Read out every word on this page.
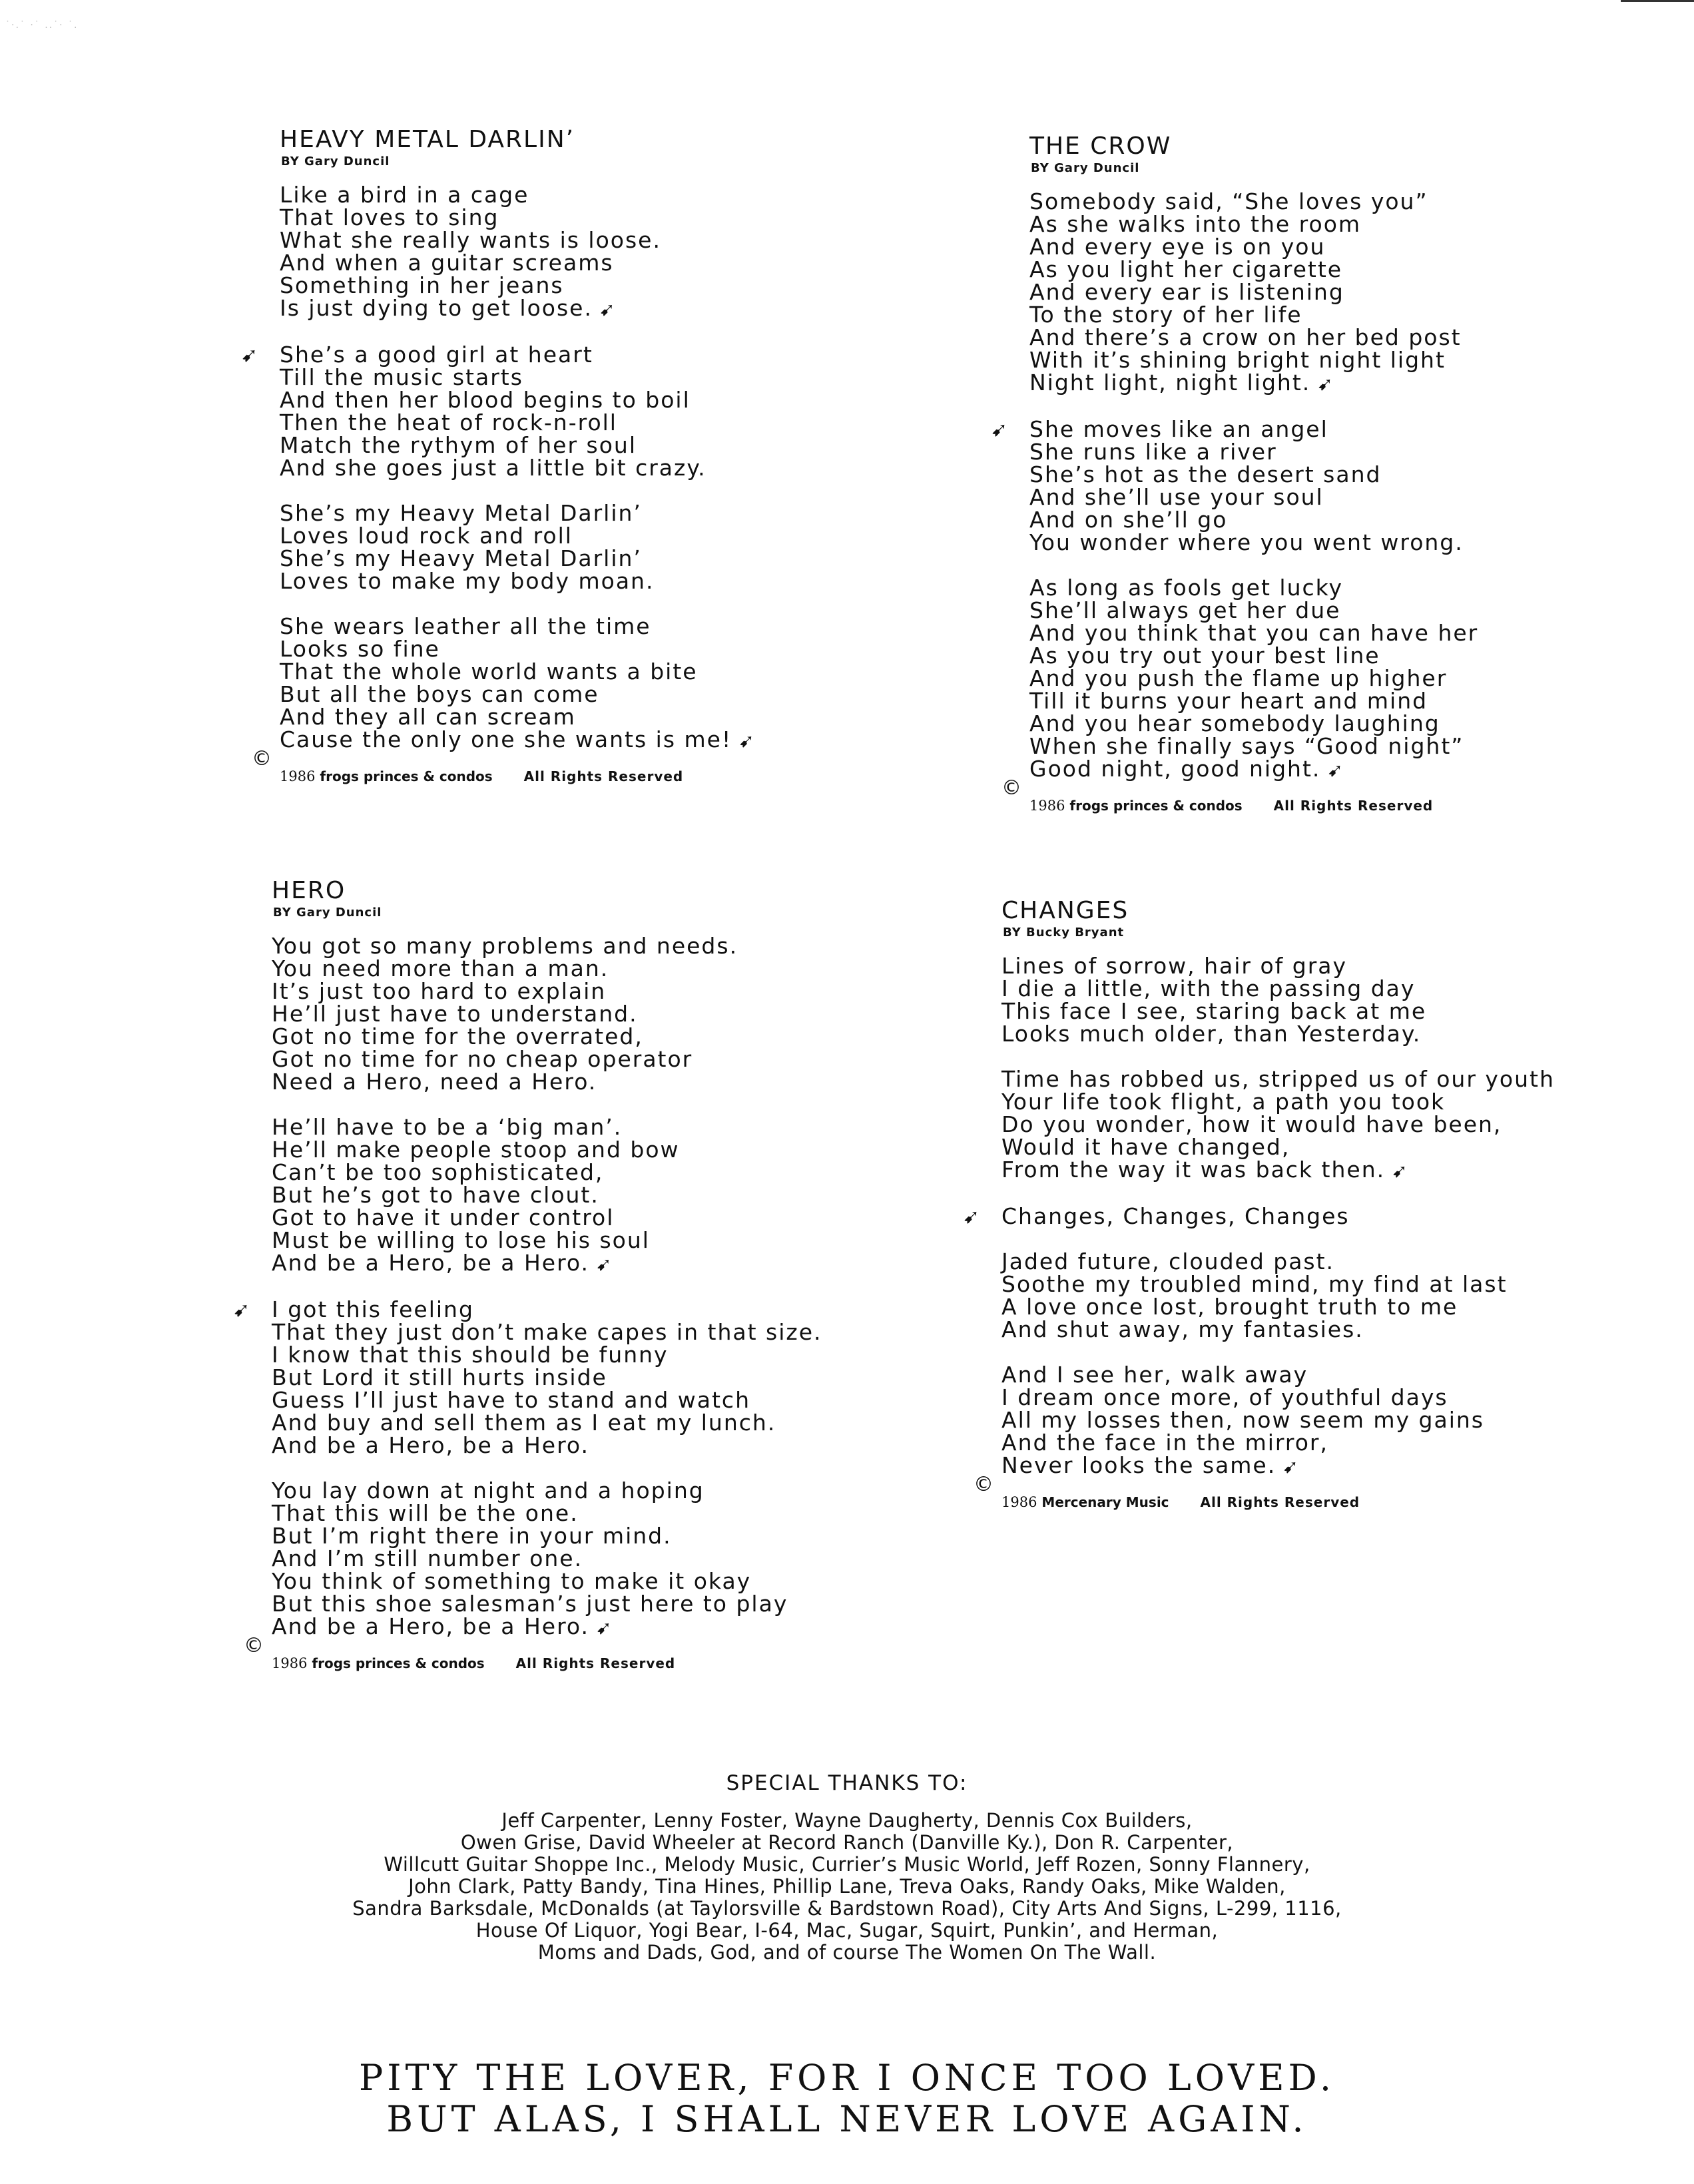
˙·.˙ ·˙ ..˙· ˙.
HEAVY METAL DARLIN’
BY Gary Duncil
Like a bird in a cage
That loves to sing
What she really wants is loose.
And when a guitar screams
Something in her jeans
Is just dying to get loose. ➹
➹ She’s a good girl at heart
Till the music starts
And then her blood begins to boil
Then the heat of rock-n-roll
Match the rythym of her soul
And she goes just a little bit crazy.
She’s my Heavy Metal Darlin’
Loves loud rock and roll
She’s my Heavy Metal Darlin’
Loves to make my body moan.
She wears leather all the time
Looks so fine
That the whole world wants a bite
But all the boys can come
And they all can scream
Cause the only one she wants is me! ➹
©
1986 frogs princes & condos All Rights Reserved
THE CROW
BY Gary Duncil
Somebody said, “She loves you”
As she walks into the room
And every eye is on you
As you light her cigarette
And every ear is listening
To the story of her life
And there’s a crow on her bed post
With it’s shining bright night light
Night light, night light. ➹
➹ She moves like an angel
She runs like a river
She’s hot as the desert sand
And she’ll use your soul
And on she’ll go
You wonder where you went wrong.
As long as fools get lucky
She’ll always get her due
And you think that you can have her
As you try out your best line
And you push the flame up higher
Till it burns your heart and mind
And you hear somebody laughing
When she finally says “Good night”
Good night, good night. ➹
©
1986 frogs princes & condos All Rights Reserved
HERO
BY Gary Duncil
You got so many problems and needs.
You need more than a man.
It’s just too hard to explain
He’ll just have to understand.
Got no time for the overrated,
Got no time for no cheap operator
Need a Hero, need a Hero.
He’ll have to be a ‘big man’.
He’ll make people stoop and bow
Can’t be too sophisticated,
But he’s got to have clout.
Got to have it under control
Must be willing to lose his soul
And be a Hero, be a Hero. ➹
➹ I got this feeling
That they just don’t make capes in that size.
I know that this should be funny
But Lord it still hurts inside
Guess I’ll just have to stand and watch
And buy and sell them as I eat my lunch.
And be a Hero, be a Hero.
You lay down at night and a hoping
That this will be the one.
But I’m right there in your mind.
And I’m still number one.
You think of something to make it okay
But this shoe salesman’s just here to play
And be a Hero, be a Hero. ➹
©
1986 frogs princes & condos All Rights Reserved
CHANGES
BY Bucky Bryant
Lines of sorrow, hair of gray
I die a little, with the passing day
This face I see, staring back at me
Looks much older, than Yesterday.
Time has robbed us, stripped us of our youth
Your life took flight, a path you took
Do you wonder, how it would have been,
Would it have changed,
From the way it was back then. ➹
➹ Changes, Changes, Changes
Jaded future, clouded past.
Soothe my troubled mind, my find at last
A love once lost, brought truth to me
And shut away, my fantasies.
And I see her, walk away
I dream once more, of youthful days
All my losses then, now seem my gains
And the face in the mirror,
Never looks the same. ➹
©
1986 Mercenary Music All Rights Reserved
SPECIAL THANKS TO:
Jeff Carpenter, Lenny Foster, Wayne Daugherty, Dennis Cox Builders,
Owen Grise, David Wheeler at Record Ranch (Danville Ky.), Don R. Carpenter,
Willcutt Guitar Shoppe Inc., Melody Music, Currier’s Music World, Jeff Rozen, Sonny Flannery,
John Clark, Patty Bandy, Tina Hines, Phillip Lane, Treva Oaks, Randy Oaks, Mike Walden,
Sandra Barksdale, McDonalds (at Taylorsville & Bardstown Road), City Arts And Signs, L-299, 1116,
House Of Liquor, Yogi Bear, I-64, Mac, Sugar, Squirt, Punkin’, and Herman,
Moms and Dads, God, and of course The Women On The Wall.
PITY THE LOVER, FOR I ONCE TOO LOVED.
BUT ALAS, I SHALL NEVER LOVE AGAIN.
